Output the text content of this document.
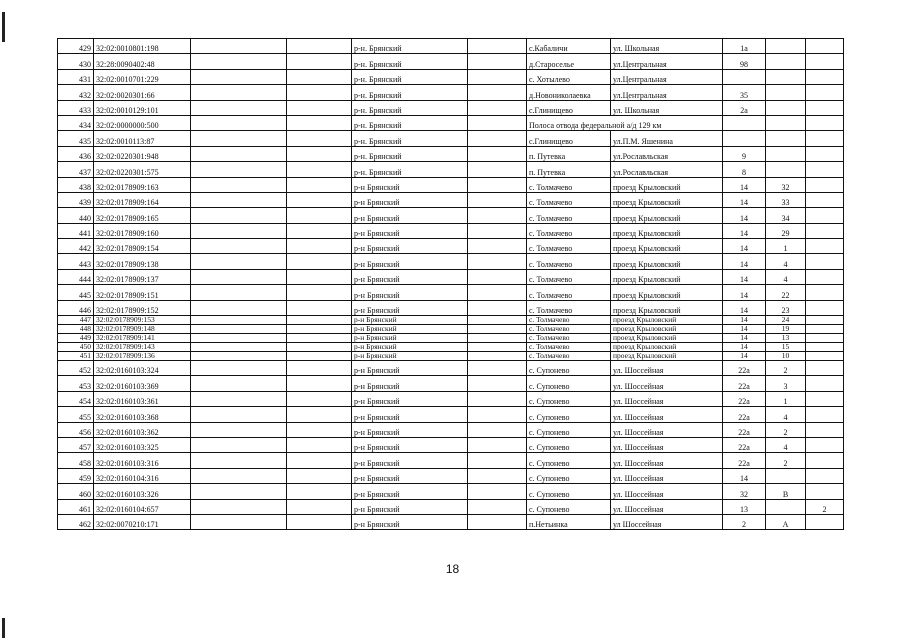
429	32:02:0010801:198			р-н. Брянский		с.Кабаличи	ул. Школьная	1а		
430	32:28:0090402:48			р-н. Брянский		д.Староселье	ул.Центральная	98		
431	32:02:0010701:229			р-н. Брянский		с. Хотылево	ул.Центральная			
432	32:02:0020301:66			р-н. Брянский		д.Новониколаевка	ул.Центральная	35		
433	32:02:0010129:101			р-н. Брянский		с.Глинищево	ул. Школьная	2а		
434	32:02:0000000:500			р-н. Брянский		Полоса отвода федеральной а/д 129 км				
435	32:02:0010113:87			р-н. Брянский		с.Глинищево	ул.П.М. Яшенина			
436	32:02:0220301:948			р-н. Брянский		п. Путевка	ул.Рославльская	9		
437	32:02:0220301:575			р-н. Брянский		п. Путевка	ул.Рославльская	8		
438	32:02:0178909:163			р-н Брянский		с. Толмачево	проезд Крыловский	14	32	
439	32:02:0178909:164			р-н Брянский		с. Толмачево	проезд Крыловский	14	33	
440	32:02:0178909:165			р-н Брянский		с. Толмачево	проезд Крыловский	14	34	
441	32:02:0178909:160			р-н Брянский		с. Толмачево	проезд Крыловский	14	29	
442	32:02:0178909:154			р-н Брянский		с. Толмачево	проезд Крыловский	14	1	
443	32:02:0178909:138			р-н Брянский		с. Толмачево	проезд Крыловский	14	4	
444	32:02:0178909:137			р-н Брянский		с. Толмачево	проезд Крыловский	14	4	
445	32:02:0178909:151			р-н Брянский		с. Толмачево	проезд Крыловский	14	22	
446	32:02:0178909:152			р-н Брянский		с. Толмачево	проезд Крыловский	14	23	
447	32:02:0178909:153			р-н Брянский		с. Толмачево	проезд Крыловский	14	24	
448	32:02:0178909:148			р-н Брянский		с. Толмачево	проезд Крыловский	14	19	
449	32:02:0178909:141			р-н Брянский		с. Толмачево	проезд Крыловский	14	13	
450	32:02:0178909:143			р-н Брянский		с. Толмачево	проезд Крыловский	14	15	
451	32:02:0178909:136			р-н Брянский		с. Толмачево	проезд Крыловский	14	10	
452	32:02:0160103:324			р-н Брянский		с. Супонево	ул. Шоссейная	22а	2	
453	32:02:0160103:369			р-н Брянский		с. Супонево	ул. Шоссейная	22а	3	
454	32:02:0160103:361			р-н Брянский		с. Супонево	ул. Шоссейная	22а	1	
455	32:02:0160103:368			р-н Брянский		с. Супонево	ул. Шоссейная	22а	4	
456	32:02:0160103:362			р-н Брянский		с. Супонево	ул. Шоссейная	22а	2	
457	32:02:0160103:325			р-н Брянский		с. Супонево	ул. Шоссейная	22а	4	
458	32:02:0160103:316			р-н Брянский		с. Супонево	ул. Шоссейная	22а	2	
459	32:02:0160104:316			р-н Брянский		с. Супонево	ул. Шоссейная	14		
460	32:02:0160103:326			р-н Брянский		с. Супонево	ул. Шоссейная	32	В	
461	32:02:0160104:657			р-н Брянский		с. Супонево	ул. Шоссейная	13		2
462	32:02:0070210:171			р-н Брянский		п.Нетьинка	ул Шоссейная	2	А	
18
